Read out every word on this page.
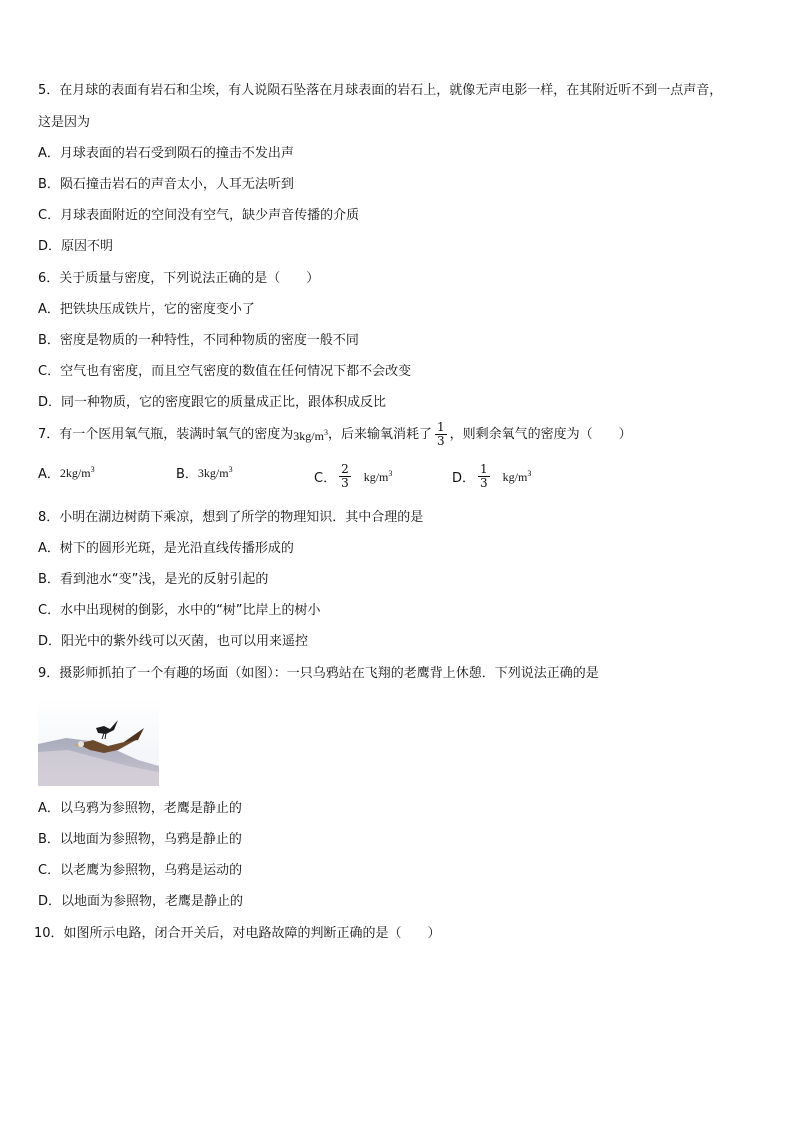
5．在月球的表面有岩石和尘埃，有人说陨石坠落在月球表面的岩石上，就像无声电影一样，在其附近听不到一点声音，
这是因为
A．月球表面的岩石受到陨石的撞击不发出声
B．陨石撞击岩石的声音太小，人耳无法听到
C．月球表面附近的空间没有空气，缺少声音传播的介质
D．原因不明
6．关于质量与密度，下列说法正确的是（　　）
A．把铁块压成铁片，它的密度变小了
B．密度是物质的一种特性，不同种物质的密度一般不同
C．空气也有密度，而且空气密度的数值在任何情况下都不会改变
D．同一种物质，它的密度跟它的质量成正比，跟体积成反比
7．有一个医用氧气瓶，装满时氧气的密度为 $3kg/m^3$ ，后来输氧消耗了 $\frac{1}{3}$ ，则剩余氧气的密度为（　　）
A． $2kg/m^3$	B． $3kg/m^3$
C． $\frac{2}{3} kg/m^3$	D． $\frac{1}{3} kg/m^3$
8．小明在湖边树荫下乘凉，想到了所学的物理知识．其中合理的是
A．树下的圆形光斑，是光沿直线传播形成的
B．看到池水“变”浅，是光的反射引起的
C．水中出现树的倒影，水中的“树”比岸上的树小
D．阳光中的紫外线可以灭菌，也可以用来遥控
9．摄影师抓拍了一个有趣的场面（如图）：一只乌鸦站在飞翔的老鹰背上休憩．下列说法正确的是
A．以乌鸦为参照物，老鹰是静止的
B．以地面为参照物，乌鸦是静止的
C．以老鹰为参照物，乌鸦是运动的
D．以地面为参照物，老鹰是静止的
10．如图所示电路，闭合开关后，对电路故障的判断正确的是（　　）
